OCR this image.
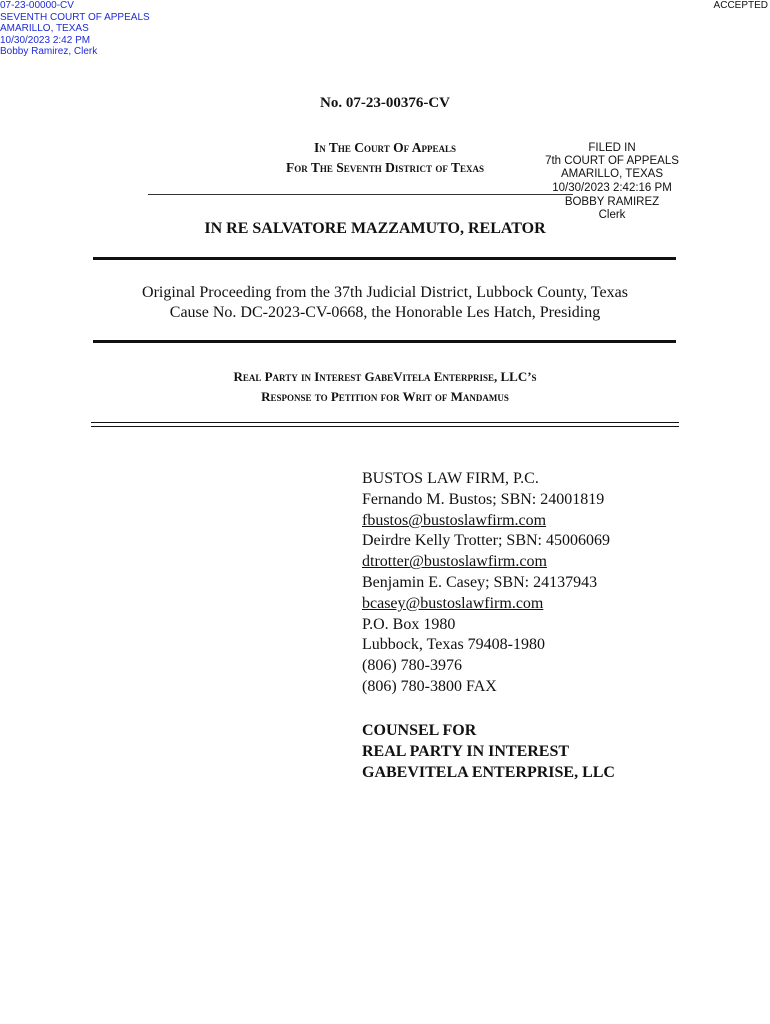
07-23-00000-CV
SEVENTH COURT OF APPEALS
AMARILLO, TEXAS
10/30/2023 2:42 PM
Bobby Ramirez, Clerk
ACCEPTED
No. 07-23-00376-CV
In The Court Of Appeals
For The Seventh District of Texas
FILED IN
7th COURT OF APPEALS
AMARILLO, TEXAS
10/30/2023 2:42:16 PM
BOBBY RAMIREZ
Clerk
IN RE SALVATORE MAZZAMUTO, RELATOR
Original Proceeding from the 37th Judicial District, Lubbock County, Texas
Cause No. DC-2023-CV-0668, the Honorable Les Hatch, Presiding
Real Party in Interest GabeVitela Enterprise, LLC’s
Response to Petition for Writ of Mandamus
BUSTOS LAW FIRM, P.C.
Fernando M. Bustos; SBN: 24001819
fbustos@bustoslawfirm.com
Deirdre Kelly Trotter; SBN: 45006069
dtrotter@bustoslawfirm.com
Benjamin E. Casey; SBN: 24137943
bcasey@bustoslawfirm.com
P.O. Box 1980
Lubbock, Texas 79408-1980
(806) 780-3976
(806) 780-3800 FAX
COUNSEL FOR
REAL PARTY IN INTEREST
GABEVITELA ENTERPRISE, LLC
